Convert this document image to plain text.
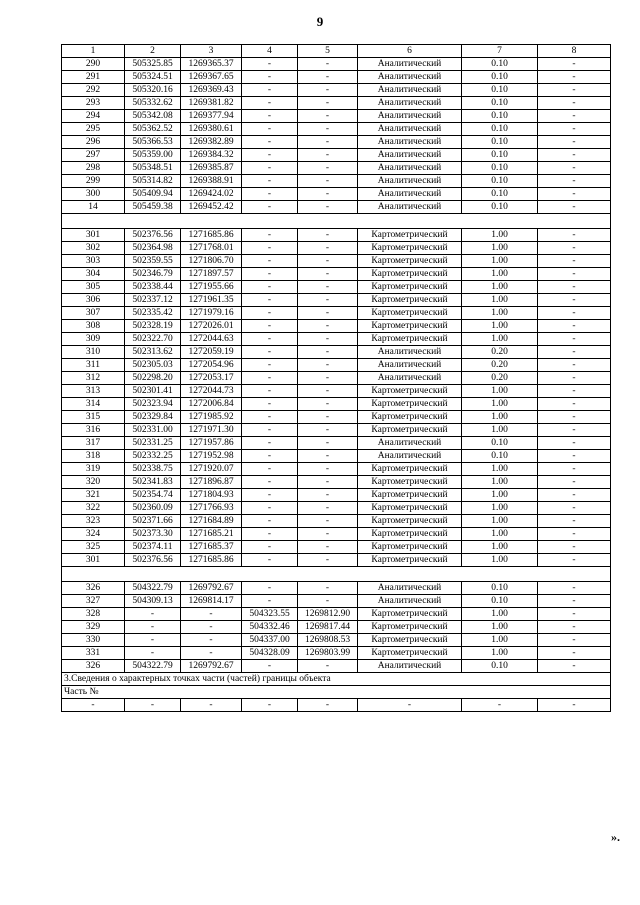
9
1	2	3	4	5	6	7	8
290	505325.85	1269365.37	-	-	Аналитический	0.10	-
291	505324.51	1269367.65	-	-	Аналитический	0.10	-
292	505320.16	1269369.43	-	-	Аналитический	0.10	-
293	505332.62	1269381.82	-	-	Аналитический	0.10	-
294	505342.08	1269377.94	-	-	Аналитический	0.10	-
295	505362.52	1269380.61	-	-	Аналитический	0.10	-
296	505366.53	1269382.89	-	-	Аналитический	0.10	-
297	505359.00	1269384.32	-	-	Аналитический	0.10	-
298	505348.51	1269385.87	-	-	Аналитический	0.10	-
299	505314.82	1269388.91	-	-	Аналитический	0.10	-
300	505409.94	1269424.02	-	-	Аналитический	0.10	-
14	505459.38	1269452.42	-	-	Аналитический	0.10	-

301	502376.56	1271685.86	-	-	Картометрический	1.00	-
302	502364.98	1271768.01	-	-	Картометрический	1.00	-
303	502359.55	1271806.70	-	-	Картометрический	1.00	-
304	502346.79	1271897.57	-	-	Картометрический	1.00	-
305	502338.44	1271955.66	-	-	Картометрический	1.00	-
306	502337.12	1271961.35	-	-	Картометрический	1.00	-
307	502335.42	1271979.16	-	-	Картометрический	1.00	-
308	502328.19	1272026.01	-	-	Картометрический	1.00	-
309	502322.70	1272044.63	-	-	Картометрический	1.00	-
310	502313.62	1272059.19	-	-	Аналитический	0.20	-
311	502305.03	1272054.96	-	-	Аналитический	0.20	-
312	502298.20	1272053.17	-	-	Аналитический	0.20	-
313	502301.41	1272044.73	-	-	Картометрический	1.00	-
314	502323.94	1272006.84	-	-	Картометрический	1.00	-
315	502329.84	1271985.92	-	-	Картометрический	1.00	-
316	502331.00	1271971.30	-	-	Картометрический	1.00	-
317	502331.25	1271957.86	-	-	Аналитический	0.10	-
318	502332.25	1271952.98	-	-	Аналитический	0.10	-
319	502338.75	1271920.07	-	-	Картометрический	1.00	-
320	502341.83	1271896.87	-	-	Картометрический	1.00	-
321	502354.74	1271804.93	-	-	Картометрический	1.00	-
322	502360.09	1271766.93	-	-	Картометрический	1.00	-
323	502371.66	1271684.89	-	-	Картометрический	1.00	-
324	502373.30	1271685.21	-	-	Картометрический	1.00	-
325	502374.11	1271685.37	-	-	Картометрический	1.00	-
301	502376.56	1271685.86	-	-	Картометрический	1.00	-

326	504322.79	1269792.67	-	-	Аналитический	0.10	-
327	504309.13	1269814.17	-	-	Аналитический	0.10	-
328	-	-	504323.55	1269812.90	Картометрический	1.00	-
329	-	-	504332.46	1269817.44	Картометрический	1.00	-
330	-	-	504337.00	1269808.53	Картометрический	1.00	-
331	-	-	504328.09	1269803.99	Картометрический	1.00	-
326	504322.79	1269792.67	-	-	Аналитический	0.10	-
3.Сведения о характерных точках части (частей) границы объекта							
Часть №							
-	-	-	-	-	-	-	-
».
